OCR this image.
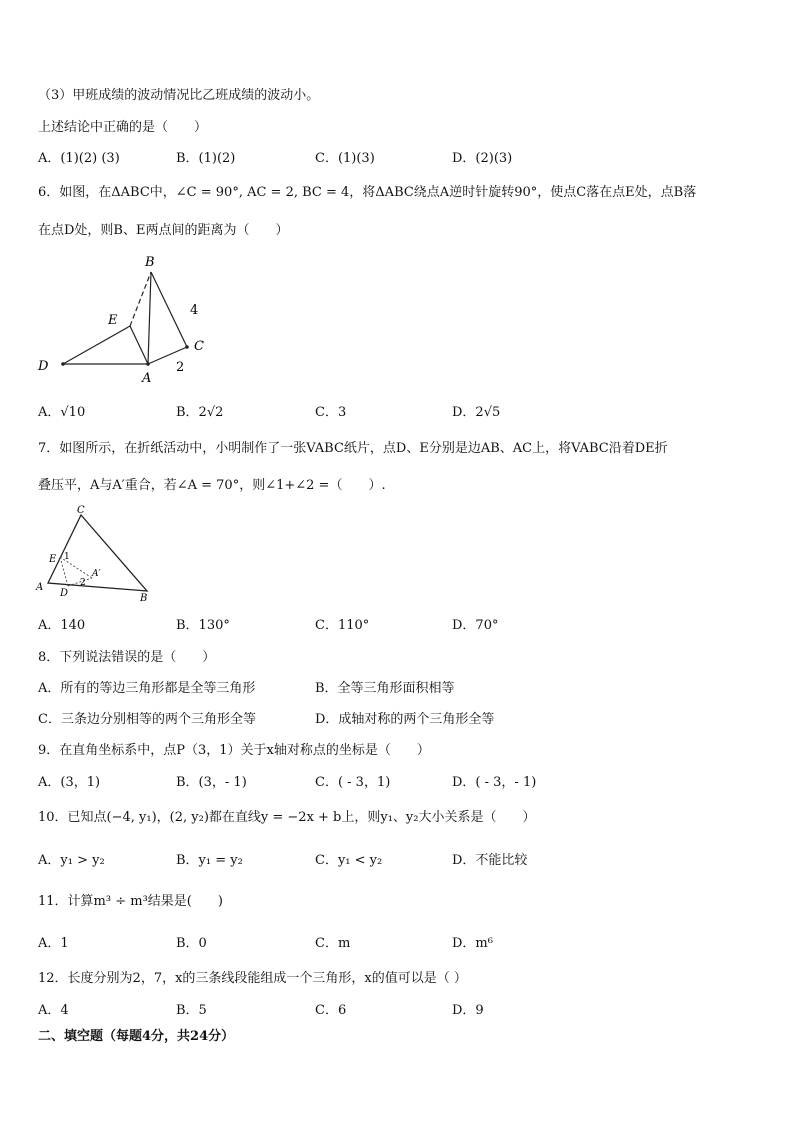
（3）甲班成绩的波动情况比乙班成绩的波动小。
上述结论中正确的是（　　）
A．(1)(2) (3)	B．(1)(2)	C．(1)(3)	D．(2)(3)
6．如图，在ΔABC中，∠C = 90°, AC = 2, BC = 4，将ΔABC绕点A逆时针旋转90°，使点C落在点E处，点B落
在点D处，则B、E两点间的距离为（　　）
B
E
C
D
A
4
2
A．√10	B．2√2	C．3	D．2√5
7．如图所示，在折纸活动中，小明制作了一张VABC纸片，点D、E分别是边AB、AC上，将VABC沿着DE折
叠压平，A与A′重合，若∠A = 70°，则∠1+∠2 =（　　）.
C
E 1
A′
2
A
D	B
A．140	B．130°	C．110°	D．70°
8．下列说法错误的是（　　）
A．所有的等边三角形都是全等三角形	B．全等三角形面积相等
C．三条边分别相等的两个三角形全等	D．成轴对称的两个三角形全等
9．在直角坐标系中，点P（3，1）关于x轴对称点的坐标是（　　）
A．(3，1)	B．(3，- 1)	C．( - 3，1)	D．( - 3，- 1)
10．已知点(−4, y₁)，(2, y₂)都在直线y = −2x + b上，则y₁、y₂大小关系是（　　）
A．y₁ > y₂	B．y₁ = y₂	C．y₁ < y₂	D．不能比较
11．计算m³ ÷ m³结果是(　　)
A．1	B．0	C．m	D．m⁶
12．长度分别为2，7，x的三条线段能组成一个三角形，x的值可以是（ ）
A．4	B．5	C．6	D．9
二、填空题（每题4分，共24分）
